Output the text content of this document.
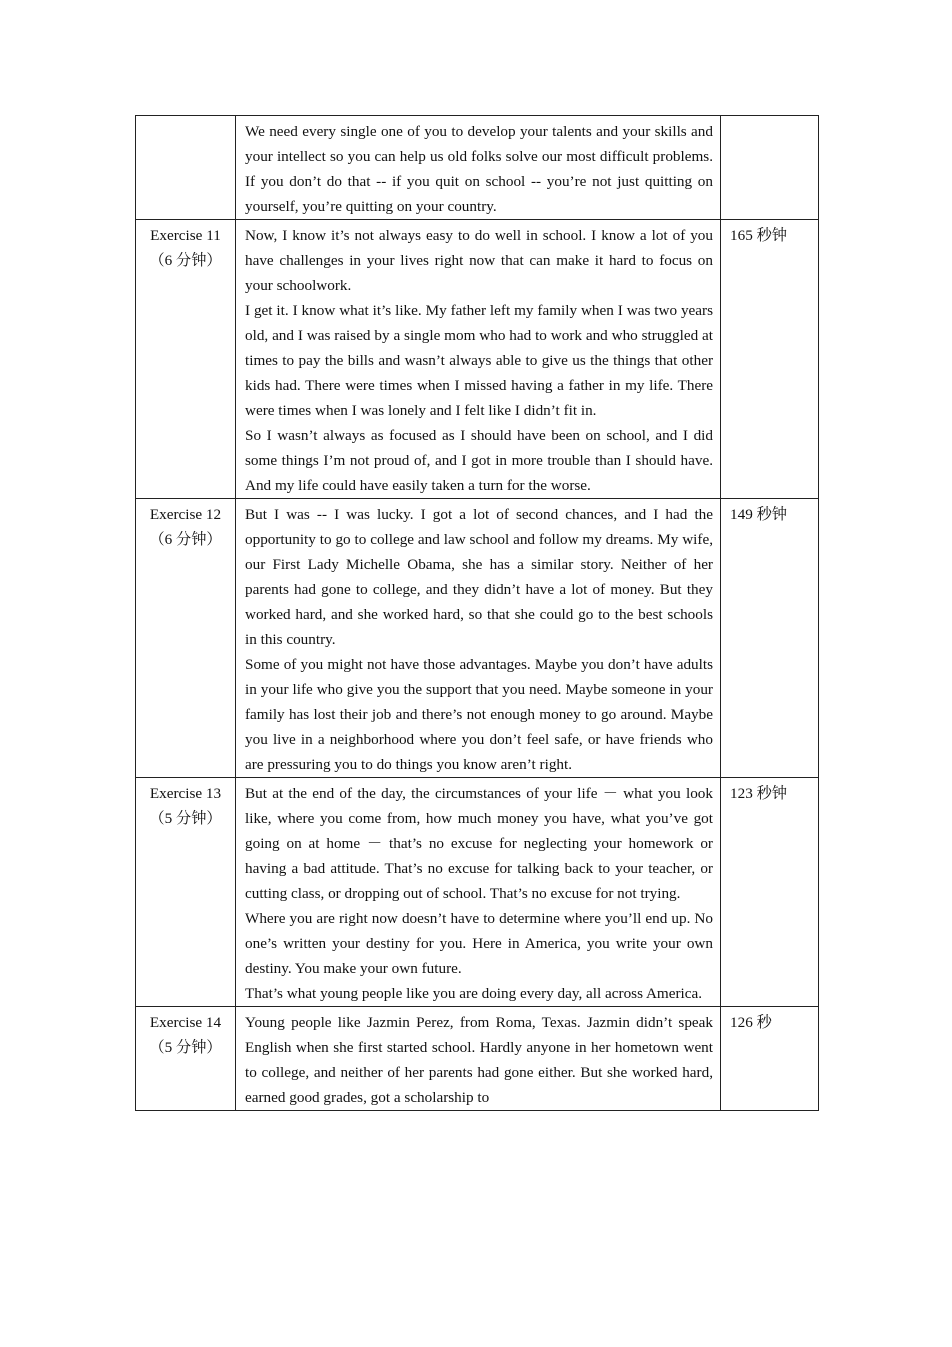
	We need every single one of you to develop your talents and your skills and your intellect so you can help us old folks solve our most difficult problems. If you don’t do that -- if you quit on school -- you’re not just quitting on yourself, you’re quitting on your country.	

Exercise 11
（6 分钟）	Now, I know it’s not always easy to do well in school. I know a lot of you have challenges in your lives right now that can make it hard to focus on your schoolwork.
I get it. I know what it’s like. My father left my family when I was two years old, and I was raised by a single mom who had to work and who struggled at times to pay the bills and wasn’t always able to give us the things that other kids had. There were times when I missed having a father in my life. There were times when I was lonely and I felt like I didn’t fit in.
So I wasn’t always as focused as I should have been on school, and I did some things I’m not proud of, and I got in more trouble than I should have. And my life could have easily taken a turn for the worse.	165 秒钟

Exercise 12
（6 分钟）	But I was -- I was lucky. I got a lot of second chances, and I had the opportunity to go to college and law school and follow my dreams. My wife, our First Lady Michelle Obama, she has a similar story. Neither of her parents had gone to college, and they didn’t have a lot of money. But they worked hard, and she worked hard, so that she could go to the best schools in this country.
Some of you might not have those advantages. Maybe you don’t have adults in your life who give you the support that you need. Maybe someone in your family has lost their job and there’s not enough money to go around. Maybe you live in a neighborhood where you don’t feel safe, or have friends who are pressuring you to do things you know aren’t right.	149 秒钟

Exercise 13
（5 分钟）	But at the end of the day, the circumstances of your life － what you look like, where you come from, how much money you have, what you’ve got going on at home － that’s no excuse for neglecting your homework or having a bad attitude. That’s no excuse for talking back to your teacher, or cutting class, or dropping out of school. That’s no excuse for not trying.
Where you are right now doesn’t have to determine where you’ll end up. No one’s written your destiny for you. Here in America, you write your own destiny. You make your own future.
That’s what young people like you are doing every day, all across America.	123 秒钟

Exercise 14
（5 分钟）	Young people like Jazmin Perez, from Roma, Texas. Jazmin didn’t speak English when she first started school. Hardly anyone in her hometown went to college, and neither of her parents had gone either. But she worked hard, earned good grades, got a scholarship to	126 秒
